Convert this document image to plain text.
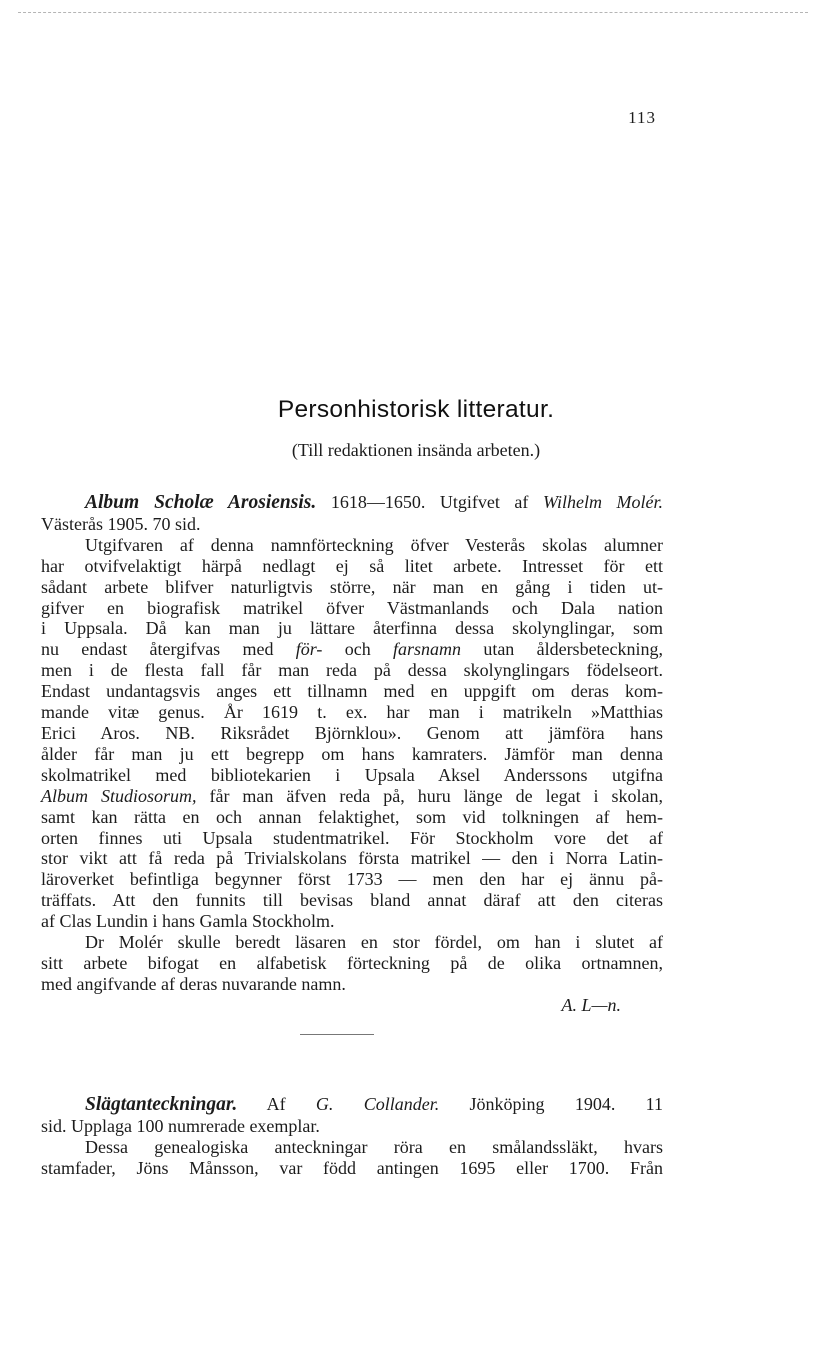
113
Personhistorisk litteratur.
(Till redaktionen insända arbeten.)
Album Scholæ Arosiensis. 1618—1650. Utgifvet af Wilhelm Molér.
Västerås 1905. 70 sid.
Utgifvaren af denna namnförteckning öfver Vesterås skolas alumner
har otvifvelaktigt härpå nedlagt ej så litet arbete. Intresset för ett
sådant arbete blifver naturligtvis större, när man en gång i tiden ut-
gifver en biografisk matrikel öfver Västmanlands och Dala nation
i Uppsala. Då kan man ju lättare återfinna dessa skolynglingar, som
nu endast återgifvas med för- och farsnamn utan åldersbeteckning,
men i de flesta fall får man reda på dessa skolynglingars födelseort.
Endast undantagsvis anges ett tillnamn med en uppgift om deras kom-
mande vitæ genus. År 1619 t. ex. har man i matrikeln »Matthias
Erici Aros. NB. Riksrådet Björnklou». Genom att jämföra hans
ålder får man ju ett begrepp om hans kamraters. Jämför man denna
skolmatrikel med bibliotekarien i Upsala Aksel Anderssons utgifna
Album Studiosorum, får man äfven reda på, huru länge de legat i skolan,
samt kan rätta en och annan felaktighet, som vid tolkningen af hem-
orten finnes uti Upsala studentmatrikel. För Stockholm vore det af
stor vikt att få reda på Trivialskolans första matrikel — den i Norra Latin-
läroverket befintliga begynner först 1733 — men den har ej ännu på-
träffats. Att den funnits till bevisas bland annat däraf att den citeras
af Clas Lundin i hans Gamla Stockholm.
Dr Molér skulle beredt läsaren en stor fördel, om han i slutet af
sitt arbete bifogat en alfabetisk förteckning på de olika ortnamnen,
med angifvande af deras nuvarande namn.
A. L—n.
Slägtanteckningar. Af G. Collander. Jönköping 1904. 11
sid. Upplaga 100 numrerade exemplar.
Dessa genealogiska anteckningar röra en smålandssläkt, hvars
stamfader, Jöns Månsson, var född antingen 1695 eller 1700. Från
